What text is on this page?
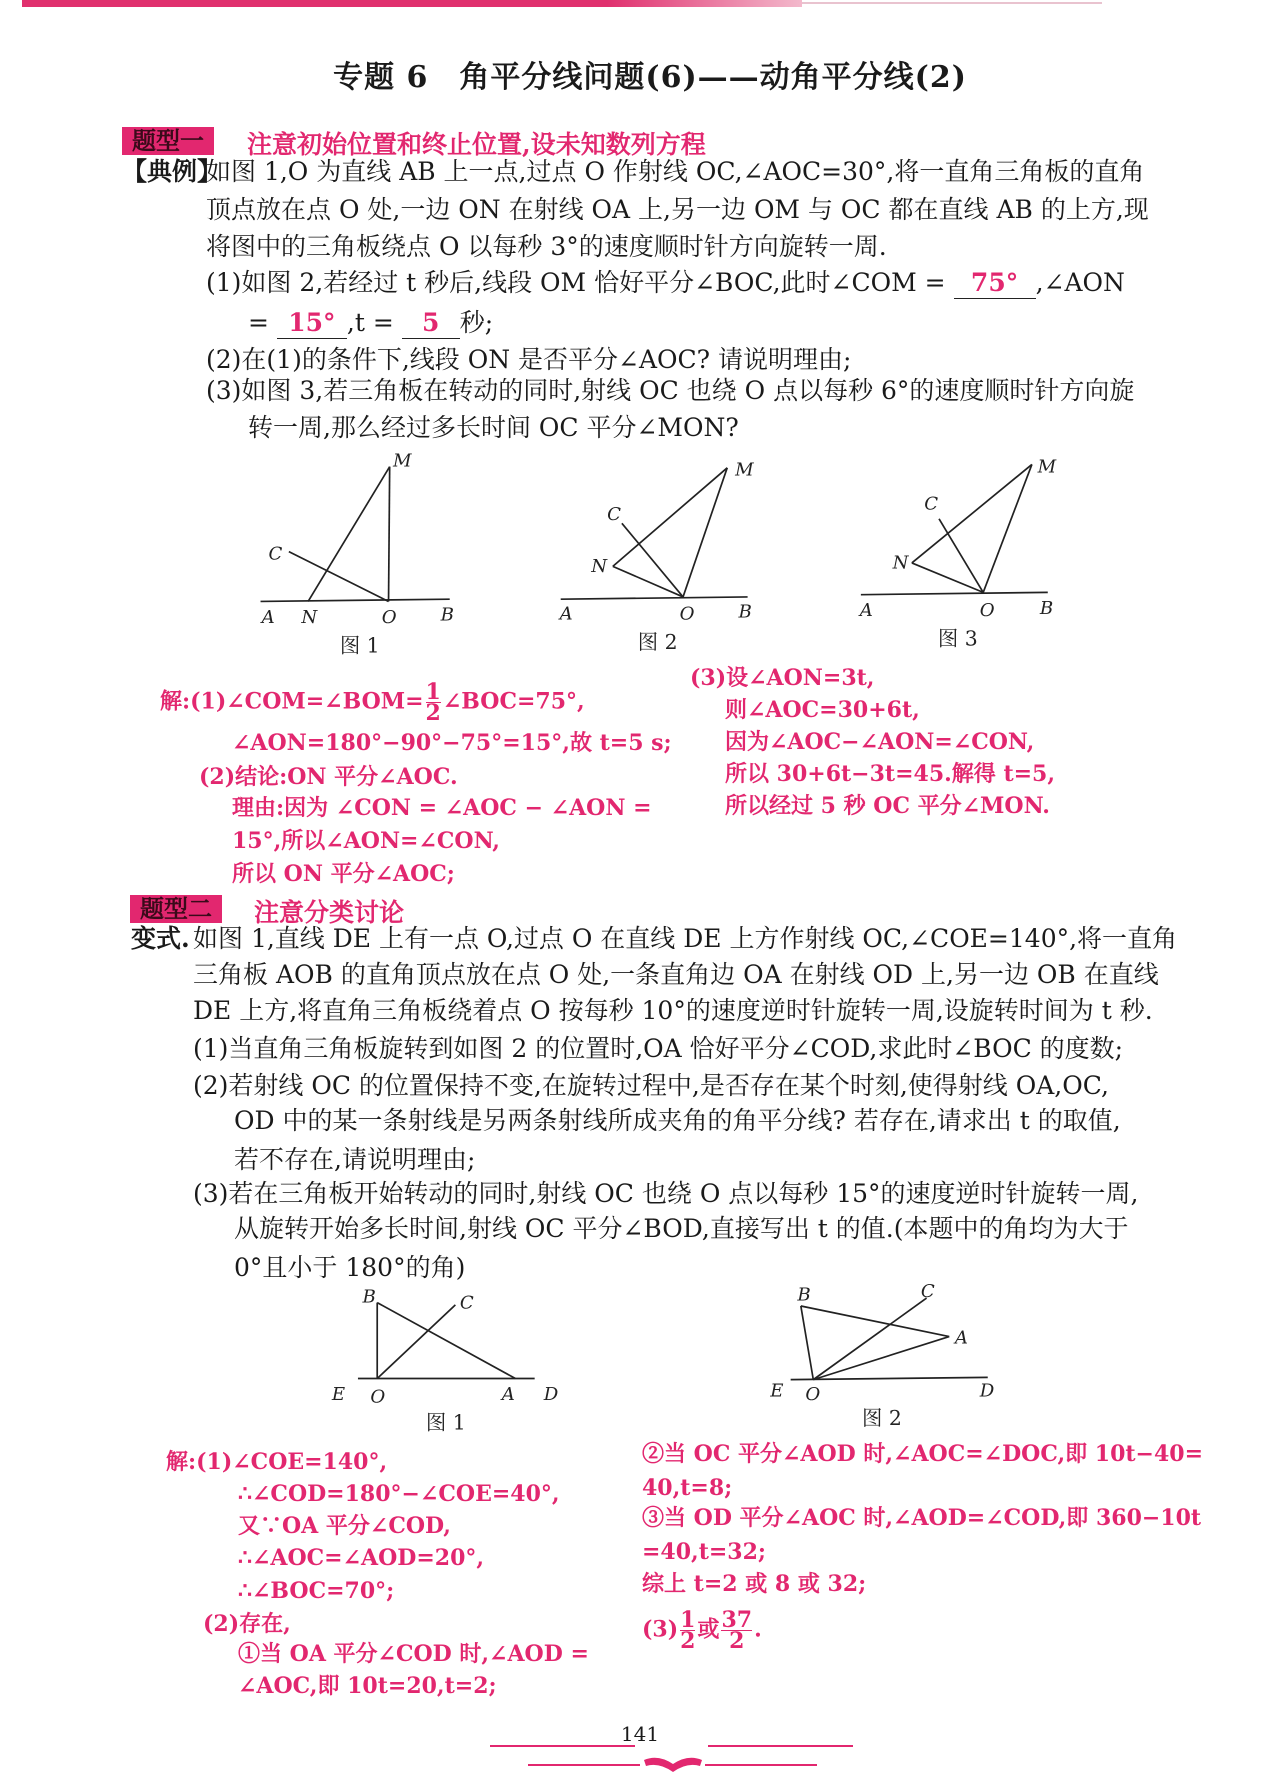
专题 6　角平分线问题(6)——动角平分线(2)
题型一	注意初始位置和终止位置,设未知数列方程
【典例】
如图 1,O 为直线 AB 上一点,过点 O 作射线 OC,∠AOC=30°,将一直角三角板的直角
顶点放在点 O 处,一边 ON 在射线 OA 上,另一边 OM 与 OC 都在直线 AB 的上方,现
将图中的三角板绕点 O 以每秒 3°的速度顺时针方向旋转一周.
(1)如图 2,若经过 t 秒后,线段 OM 恰好平分∠BOC,此时∠COM = 75° ,∠AON
= 15° ,t = 5 秒;
(2)在(1)的条件下,线段 ON 是否平分∠AOC? 请说明理由;
(3)如图 3,若三角板在转动的同时,射线 OC 也绕 O 点以每秒 6°的速度顺时针方向旋
转一周,那么经过多长时间 OC 平分∠MON?
A N	O	B
C
M
图 1
A
N
O	B
C
M
图 2
A
N
O	B
C
M
图 3
E O	A D
B	C
图 1
E O
A
D
B	C
图 2
解:(1)∠COM=∠BOM= $\frac{1}{2}$ ∠BOC=75°,
∠AON=180°−90°−75°=15°,故 t=5 s;
(2)结论:ON 平分∠AOC.
理由:因为 ∠CON = ∠AOC − ∠AON =
15°,所以∠AON=∠CON,
所以 ON 平分∠AOC;
(3)设∠AON=3t,
则∠AOC=30+6t,
因为∠AOC−∠AON=∠CON,
所以 30+6t−3t=45.解得 t=5,
所以经过 5 秒 OC 平分∠MON.
题型二	注意分类讨论
变式. 如图 1,直线 DE 上有一点 O,过点 O 在直线 DE 上方作射线 OC,∠COE=140°,将一直角
三角板 AOB 的直角顶点放在点 O 处,一条直角边 OA 在射线 OD 上,另一边 OB 在直线
DE 上方,将直角三角板绕着点 O 按每秒 10°的速度逆时针旋转一周,设旋转时间为 t 秒.
(1)当直角三角板旋转到如图 2 的位置时,OA 恰好平分∠COD,求此时∠BOC 的度数;
(2)若射线 OC 的位置保持不变,在旋转过程中,是否存在某个时刻,使得射线 OA,OC,
OD 中的某一条射线是另两条射线所成夹角的角平分线? 若存在,请求出 t 的取值,
若不存在,请说明理由;
(3)若在三角板开始转动的同时,射线 OC 也绕 O 点以每秒 15°的速度逆时针旋转一周,
从旋转开始多长时间,射线 OC 平分∠BOD,直接写出 t 的值.(本题中的角均为大于
0°且小于 180°的角)
解:(1)∠COE=140°,
∴∠COD=180°−∠COE=40°,
又∵OA 平分∠COD,
∴∠AOC=∠AOD=20°,
∴∠BOC=70°;
(2)存在,
①当 OA 平分∠COD 时,∠AOD =
∠AOC,即 10t=20,t=2;
②当 OC 平分∠AOD 时,∠AOC=∠DOC,即 10t−40=
40,t=8;
③当 OD 平分∠AOC 时,∠AOD=∠COD,即 360−10t
=40,t=32;
综上 t=2 或 8 或 32;
$(3) \frac{1}{2}$ 或 $\frac{37}{2}$ .
141
